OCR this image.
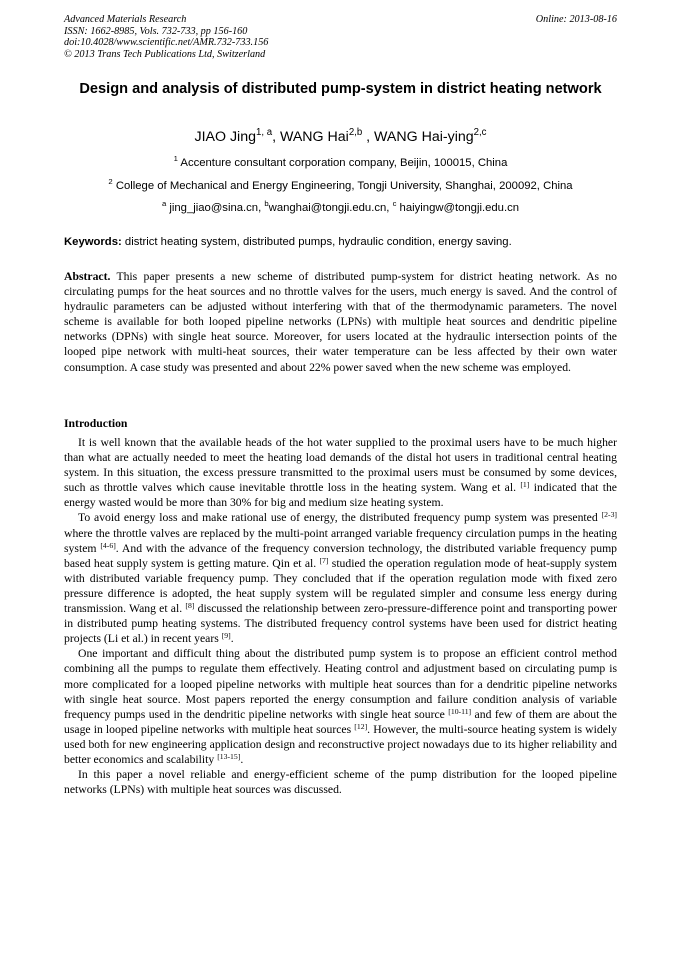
Advanced Materials Research
ISSN: 1662-8985, Vols. 732-733, pp 156-160
doi:10.4028/www.scientific.net/AMR.732-733.156
© 2013 Trans Tech Publications Ltd, Switzerland
Online: 2013-08-16
Design and analysis of distributed pump-system in district heating network
JIAO Jing$^{1, a}$, WANG Hai$^{2,b}$ , WANG Hai-ying$^{2,c}$
$^1$ Accenture consultant corporation company, Beijin, 100015, China
$^2$ College of Mechanical and Energy Engineering, Tongji University, Shanghai, 200092, China
$^a$ jing_jiao@sina.cn, $^b$wanghai@tongji.edu.cn, $^c$ haiyingw@tongji.edu.cn
Keywords: district heating system, distributed pumps, hydraulic condition, energy saving.
Abstract. This paper presents a new scheme of distributed pump-system for district heating network. As no circulating pumps for the heat sources and no throttle valves for the users, much energy is saved. And the control of hydraulic parameters can be adjusted without interfering with that of the thermodynamic parameters. The novel scheme is available for both looped pipeline networks (LPNs) with multiple heat sources and dendritic pipeline networks (DPNs) with single heat source. Moreover, for users located at the hydraulic intersection points of the looped pipe network with multi-heat sources, their water temperature can be less affected by their own water consumption. A case study was presented and about 22% power saved when the new scheme was employed.
Introduction

It is well known that the available heads of the hot water supplied to the proximal users have to be much higher than what are actually needed to meet the heating load demands of the distal hot users in traditional central heating system. In this situation, the excess pressure transmitted to the proximal users must be consumed by some devices, such as throttle valves which cause inevitable throttle loss in the heating system. Wang et al. [1] indicated that the energy wasted would be more than 30% for big and medium size heating system.

To avoid energy loss and make rational use of energy, the distributed frequency pump system was presented [2-3] where the throttle valves are replaced by the multi-point arranged variable frequency circulation pumps in the heating system [4-6]. And with the advance of the frequency conversion technology, the distributed variable frequency pump based heat supply system is getting mature. Qin et al. [7] studied the operation regulation mode of heat-supply system with distributed variable frequency pump. They concluded that if the operation regulation mode with fixed zero pressure difference is adopted, the heat supply system will be regulated simpler and consume less energy during transmission. Wang et al. [8] discussed the relationship between zero-pressure-difference point and transporting power in distributed pump heating systems. The distributed frequency control systems have been used for district heating projects (Li et al.) in recent years [9].

One important and difficult thing about the distributed pump system is to propose an efficient control method combining all the pumps to regulate them effectively. Heating control and adjustment based on circulating pump is more complicated for a looped pipeline networks with multiple heat sources than for a dendritic pipeline networks with single heat source. Most papers reported the energy consumption and failure condition analysis of variable frequency pumps used in the dendritic pipeline networks with single heat source [10-11] and few of them are about the usage in looped pipeline networks with multiple heat sources [12]. However, the multi-source heating system is widely used both for new engineering application design and reconstructive project nowadays due to its higher reliability and better economics and scalability [13-15].

In this paper a novel reliable and energy-efficient scheme of the pump distribution for the looped pipeline networks (LPNs) with multiple heat sources was discussed.
